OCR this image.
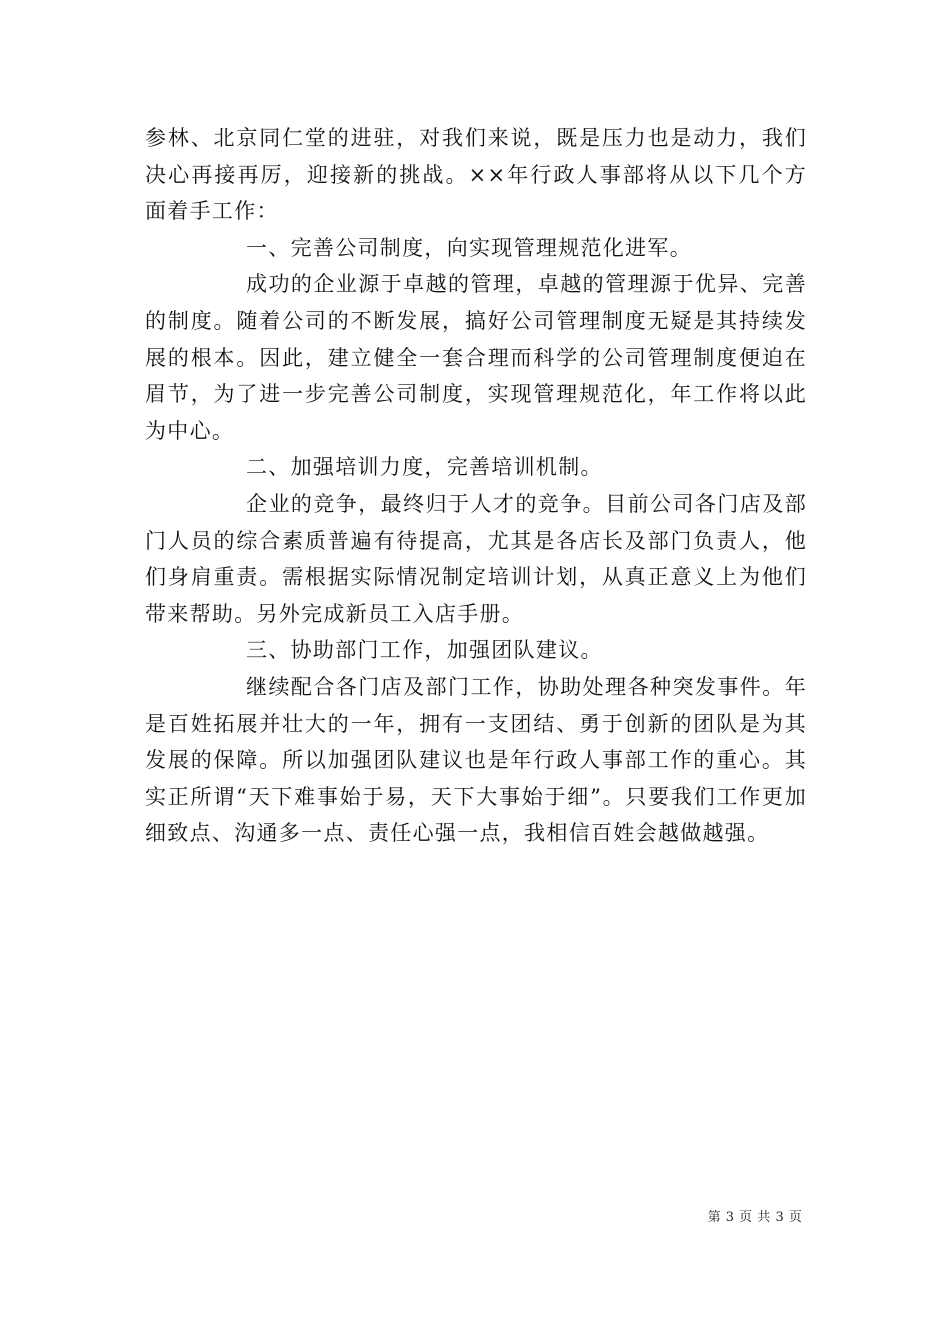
参林、北京同仁堂的进驻，对我们来说，既是压力也是动力，我们决心再接再厉，迎接新的挑战。××年行政人事部将从以下几个方面着手工作：

一、完善公司制度，向实现管理规范化进军。

成功的企业源于卓越的管理，卓越的管理源于优异、完善的制度。随着公司的不断发展，搞好公司管理制度无疑是其持续发展的根本。因此，建立健全一套合理而科学的公司管理制度便迫在眉节，为了进一步完善公司制度，实现管理规范化，年工作将以此为中心。

二、加强培训力度，完善培训机制。

企业的竞争，最终归于人才的竞争。目前公司各门店及部门人员的综合素质普遍有待提高，尤其是各店长及部门负责人，他们身肩重责。需根据实际情况制定培训计划，从真正意义上为他们带来帮助。另外完成新员工入店手册。

三、协助部门工作，加强团队建议。

继续配合各门店及部门工作，协助处理各种突发事件。年是百姓拓展并壮大的一年，拥有一支团结、勇于创新的团队是为其发展的保障。所以加强团队建议也是年行政人事部工作的重心。其实正所谓“天下难事始于易，天下大事始于细”。只要我们工作更加细致点、沟通多一点、责任心强一点，我相信百姓会越做越强。

第 3 页 共 3 页
